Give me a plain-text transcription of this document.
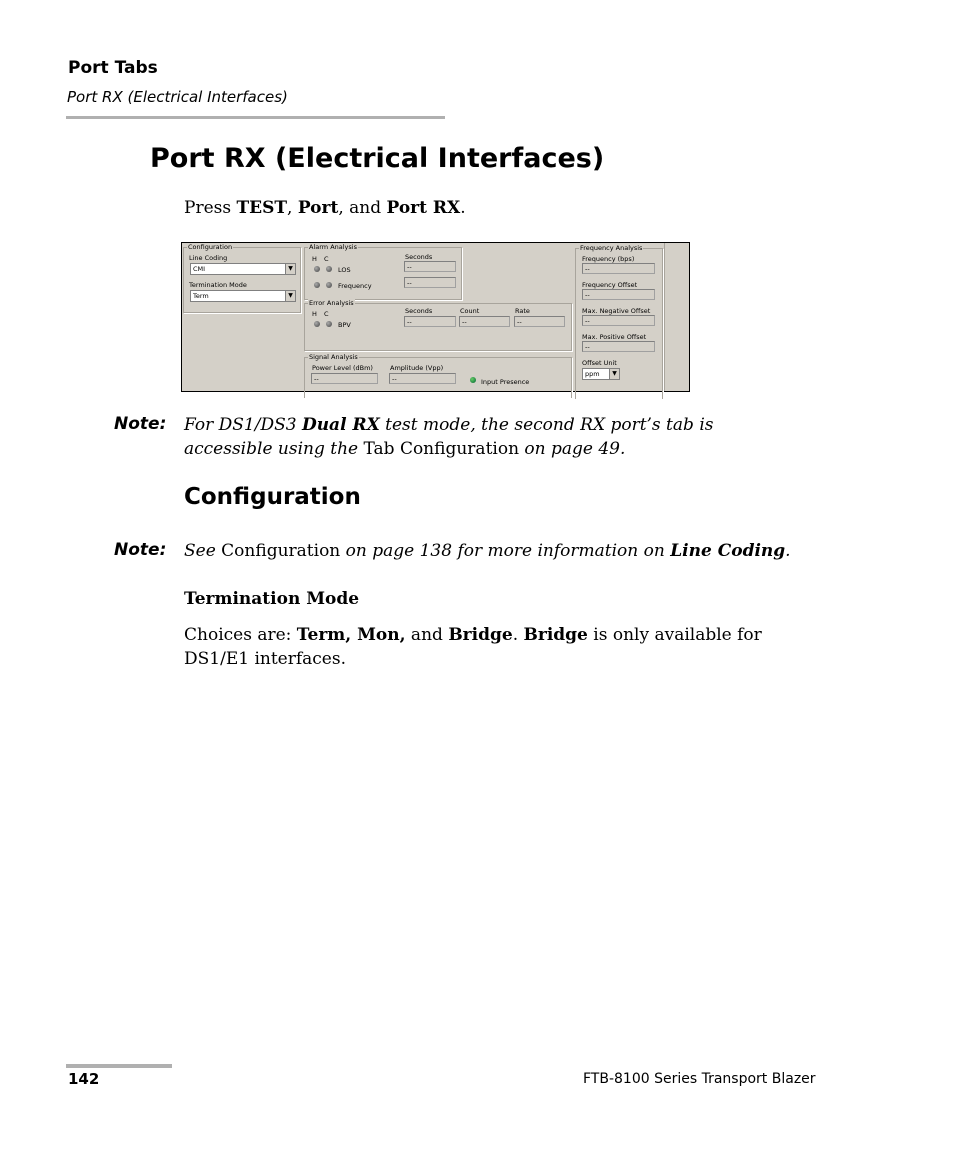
Port Tabs
Port RX (Electrical Interfaces)
Port RX (Electrical Interfaces)
Press TEST, Port, and Port RX.
Configuration
Line Coding
CMI	▼
Termination Mode
Term	▼
Alarm Analysis
H C
LOS
Frequency
Seconds
--
--
Error Analysis
H C
BPV
Seconds	Count	Rate
--	--	--
Signal Analysis
Power Level (dBm)	Amplitude (Vpp)
--	--	Input Presence
Frequency Analysis
Frequency (bps)
--
Frequency Offset
--
Max. Negative Offset
--
Max. Positive Offset
--
Offset Unit
ppm	▼
Note: For DS1/DS3 Dual RX test mode, the second RX port’s tab is accessible using the Tab Configuration on page 49.
Configuration
Note: See Configuration on page 138 for more information on Line Coding.
Termination Mode
Choices are: Term, Mon, and Bridge. Bridge is only available for DS1/E1 interfaces.
142	FTB-8100 Series Transport Blazer
